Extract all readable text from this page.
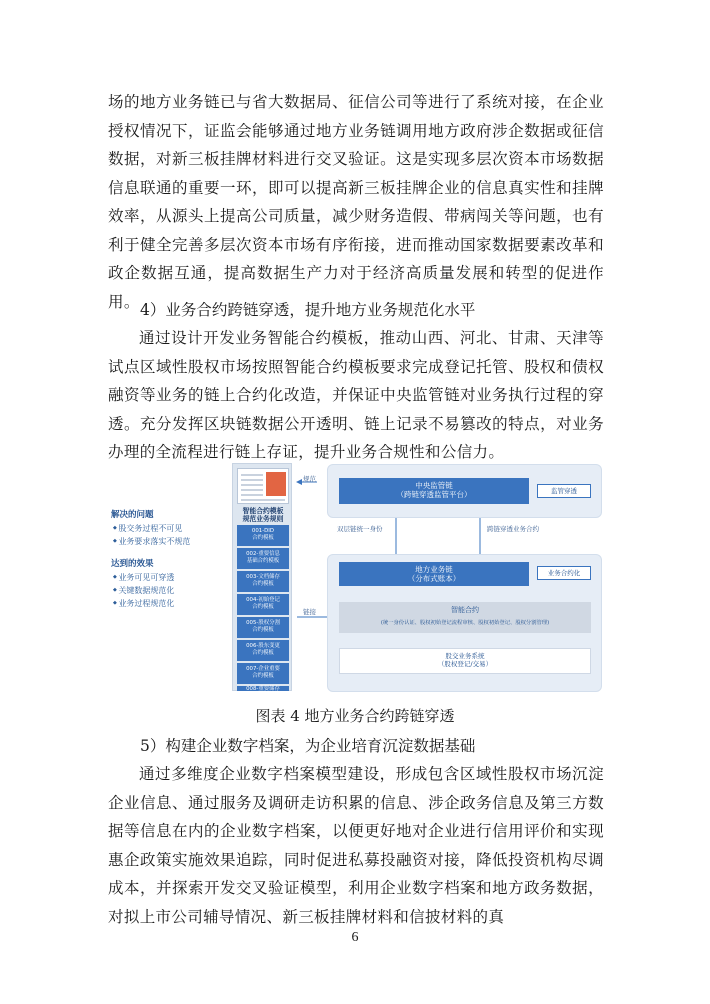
场的地方业务链已与省大数据局、征信公司等进行了系统对接，在企业授权情况下，证监会能够通过地方业务链调用地方政府涉企数据或征信数据，对新三板挂牌材料进行交叉验证。这是实现多层次资本市场数据信息联通的重要一环，即可以提高新三板挂牌企业的信息真实性和挂牌效率，从源头上提高公司质量，减少财务造假、带病闯关等问题，也有利于健全完善多层次资本市场有序衔接，进而推动国家数据要素改革和政企数据互通，提高数据生产力对于经济高质量发展和转型的促进作用。 4）业务合约跨链穿透，提升地方业务规范化水平

通过设计开发业务智能合约模板，推动山西、河北、甘肃、天津等试点区域性股权市场按照智能合约模板要求完成登记托管、股权和债权融资等业务的链上合约化改造，并保证中央监管链对业务执行过程的穿透。充分发挥区块链数据公开透明、链上记录不易篡改的特点，对业务办理的全流程进行链上存证，提升业务合规性和公信力。

解决的问题
◆ 股交务过程不可见
◆ 业务要求落实不规范
达到的效果
◆ 业务可见可穿透
◆ 关键数据规范化
◆ 业务过程规范化
智能合约模板
规范业务规则
001-DID
合约模板
002-重要信息
基础合约模板
003-文档储存
合约模板
004-初始登记
合约模板
005-股权分割
合约模板
006-股东变更
合约模板
007-企业重要
合约模板
008-重要储存
合约模板
规范
链接
中央监管链
（跨链穿透监管平台）	监管穿透
双层链统一身份	跨链穿透业务合约
地方业务链
（分布式账本）
业务合约化
智能合约
(统一身份认证、股权初始登记流程审核、股权初始登记、股权分割管理)
股交业务系统
（股权登记/交易）
图表 4 地方业务合约跨链穿透

5）构建企业数字档案，为企业培育沉淀数据基础

通过多维度企业数字档案模型建设，形成包含区域性股权市场沉淀企业信息、通过服务及调研走访积累的信息、涉企政务信息及第三方数据等信息在内的企业数字档案，以便更好地对企业进行信用评价和实现惠企政策实施效果追踪，同时促进私募投融资对接，降低投资机构尽调成本，并探索开发交叉验证模型，利用企业数字档案和地方政务数据，对拟上市公司辅导情况、新三板挂牌材料和信披材料的真

6
